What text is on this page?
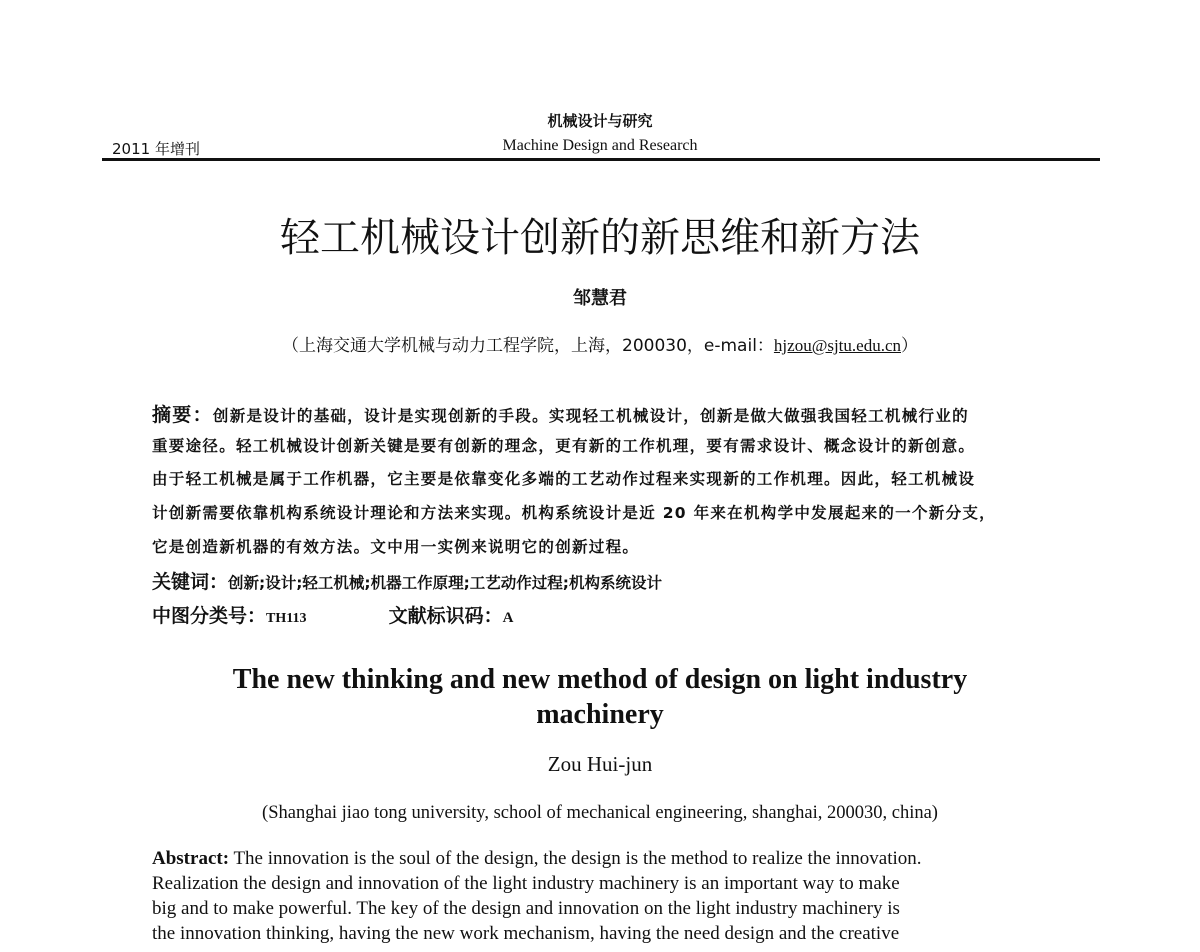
2011 年增刊
机械设计与研究
Machine Design and Research
轻工机械设计创新的新思维和新方法
邹慧君
（上海交通大学机械与动力工程学院，上海，200030，e-mail：hjzou@sjtu.edu.cn）
摘要：创新是设计的基础，设计是实现创新的手段。实现轻工机械设计，创新是做大做强我国轻工机械行业的
重要途径。轻工机械设计创新关键是要有创新的理念，更有新的工作机理，要有需求设计、概念设计的新创意。
由于轻工机械是属于工作机器，它主要是依靠变化多端的工艺动作过程来实现新的工作机理。因此，轻工机械设
计创新需要依靠机构系统设计理论和方法来实现。机构系统设计是近 20 年来在机构学中发展起来的一个新分支，
它是创造新机器的有效方法。文中用一实例来说明它的创新过程。
关键词：创新;设计;轻工机械;机器工作原理;工艺动作过程;机构系统设计
中图分类号：TH113	文献标识码：A
The new thinking and new method of design on light industry
machinery
Zou Hui-jun
(Shanghai jiao tong university, school of mechanical engineering, shanghai, 200030, china)
Abstract: The innovation is the soul of the design, the design is the method to realize the innovation.
Realization the design and innovation of the light industry machinery is an important way to make
big and to make powerful. The key of the design and innovation on the light industry machinery is
the innovation thinking, having the new work mechanism, having the need design and the creative
